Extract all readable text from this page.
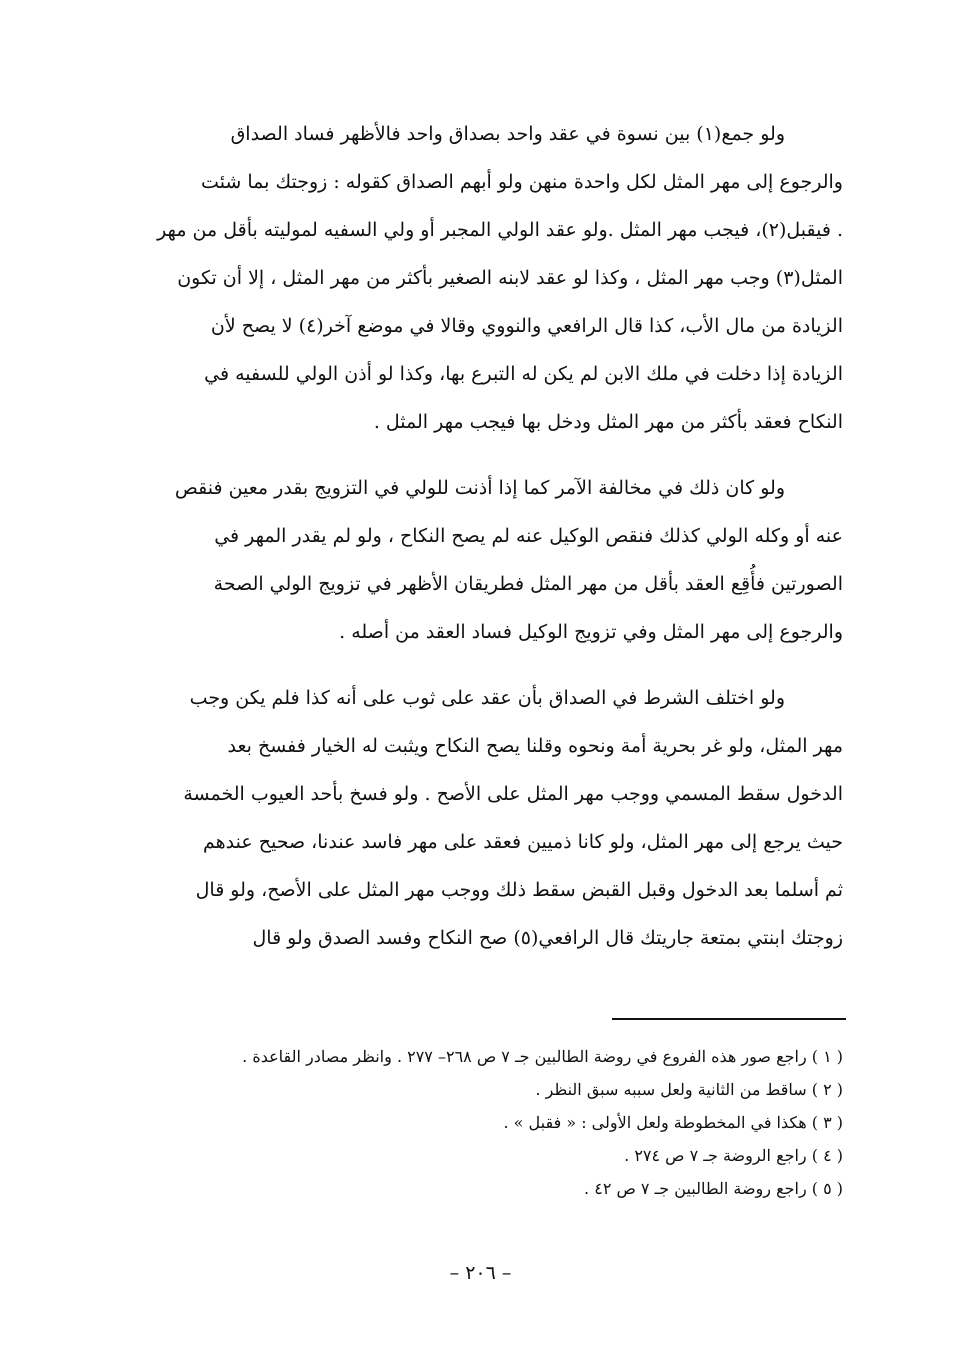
ولو جمع(١) بين نسوة في عقد واحد بصداق واحد فالأظهر فساد الصداق
والرجوع إلى مهر المثل لكل واحدة منهن ولو أبهم الصداق كقوله : زوجتك بما شئت
. فيقبل(٢)، فيجب مهر المثل .ولو عقد الولي المجبر أو ولي السفيه لموليته بأقل من مهر
المثل(٣) وجب مهر المثل ، وكذا لو عقد لابنه الصغير بأكثر من مهر المثل ، إلا أن تكون
الزيادة من مال الأب، كذا قال الرافعي والنووي وقالا في موضع آخر(٤) لا يصح لأن
الزيادة إذا دخلت في ملك الابن لم يكن له التبرع بها، وكذا لو أذن الولي للسفيه في
النكاح فعقد بأكثر من مهر المثل ودخل بها فيجب مهر المثل .

ولو كان ذلك في مخالفة الآمر كما إذا أذنت للولي في التزويج بقدر معين فنقص
عنه أو وكله الولي كذلك فنقص الوكيل عنه لم يصح النكاح ، ولو لم يقدر المهر في
الصورتين فأُقِع العقد بأقل من مهر المثل فطريقان الأظهر في تزويج الولي الصحة
والرجوع إلى مهر المثل وفي تزويج الوكيل فساد العقد من أصله .

ولو اختلف الشرط في الصداق بأن عقد على ثوب على أنه كذا فلم يكن وجب
مهر المثل، ولو غر بحرية أمة ونحوه وقلنا يصح النكاح ويثبت له الخيار ففسخ بعد
الدخول سقط المسمي ووجب مهر المثل على الأصح . ولو فسخ بأحد العيوب الخمسة
حيث يرجع إلى مهر المثل، ولو كانا ذميين فعقد على مهر فاسد عندنا، صحيح عندهم
ثم أسلما بعد الدخول وقبل القبض سقط ذلك ووجب مهر المثل على الأصح، ولو قال
زوجتك ابنتي بمتعة جاريتك قال الرافعي(٥) صح النكاح وفسد الصدق ولو قال

( ١ ) راجع صور هذه الفروع في روضة الطالبين جـ ٧ ص ٢٦٨– ٢٧٧ . وانظر مصادر القاعدة .
( ٢ ) ساقط من الثانية ولعل سببه سبق النظر .
( ٣ ) هكذا في المخطوطة ولعل الأولى : « فقبل » .
( ٤ ) راجع الروضة جـ ٧ ص ٢٧٤ .
( ٥ ) راجع روضة الطالبين جـ ٧ ص ٤٢ .
– ٢٠٦ –
